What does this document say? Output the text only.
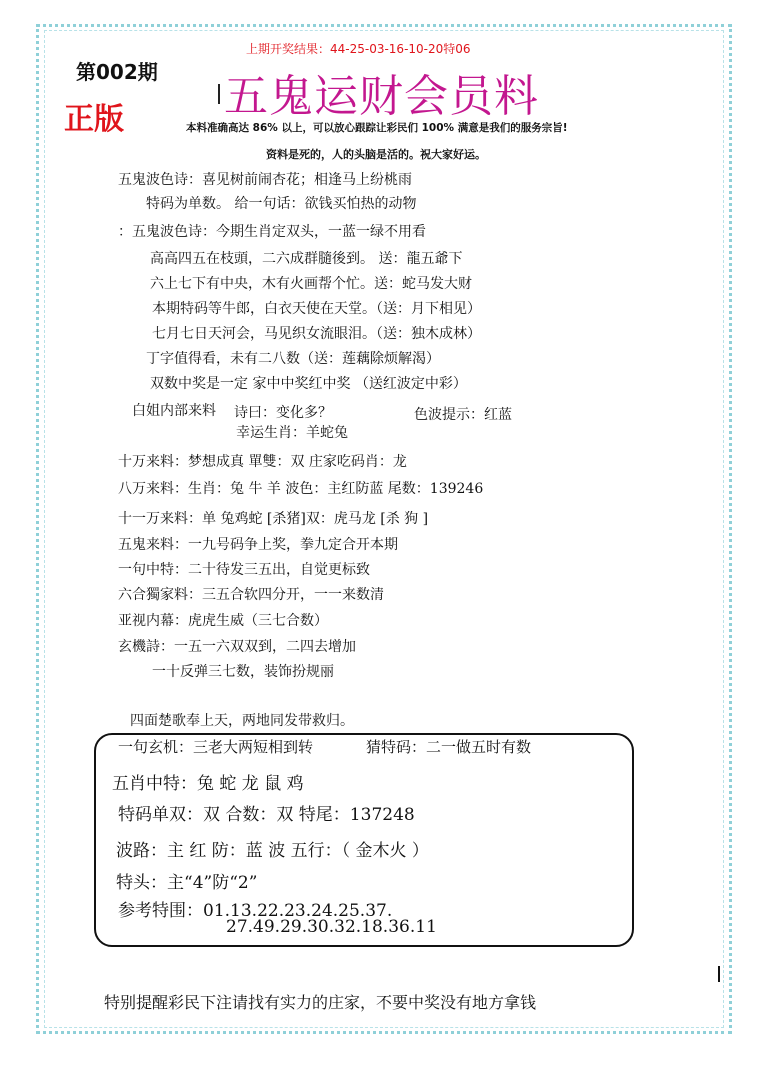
第002期
正版
上期开奖结果：44-25-03-16-10-20特06
五鬼运财会员料
本料准确高达 86% 以上，可以放心跟踪让彩民们 100% 满意是我们的服务宗旨!
资料是死的，人的头脑是活的。祝大家好运。
五鬼波色诗：喜见树前闹杏花；相逢马上纷桃雨
特码为单数。 给一句话：欲钱买怕热的动物
：五鬼波色诗：今期生肖定双头，一蓝一绿不用看
高高四五在枝頭，二六成群膸後到。 送：龍五爺下
六上七下有中央，木有火画帮个忙。送：蛇马发大财
本期特码等牛郎，白衣天使在天堂。（送：月下相见）
七月七日天河会，马见织女流眼泪。（送：独木成林）
丁字值得看，未有二八数（送：莲藕除烦解渴）
双数中奖是一定 家中中奖红中奖 （送红波定中彩）
白姐内部来料 诗曰：变化多？	色波提示：红蓝
幸运生肖：羊蛇兔
十万来料：梦想成真 單雙：双 庄家吃码肖：龙
八万来料：生肖：兔 牛 羊 波色：主红防蓝 尾数：139246
十一万来料：单 兔鸡蛇 [杀猪]双：虎马龙 [杀 狗 ]
五鬼来料：一九号码争上奖，拳九定合开本期
一句中特：二十待发三五出，自觉更标致
六合獨家料：三五合软四分开，一一来数清
亚视内幕：虎虎生威（三七合数）
玄機詩：一五一六双双到，二四去增加
一十反弹三七数，装饰扮规丽
四面楚歌奉上天，两地同发带救归。
一句玄机：三老大两短相到转	猜特码：二一做五时有数
五肖中特：兔 蛇 龙 鼠 鸡
特码单双：双 合数：双 特尾：137248
波路：主 红 防：蓝 波 五行：（ 金木火 ）
特头：主“4”防“2”
参考特围：01.13.22.23.24.25.37.
27.49.29.30.32.18.36.11
特别提醒彩民下注请找有实力的庄家，不要中奖没有地方拿钱
